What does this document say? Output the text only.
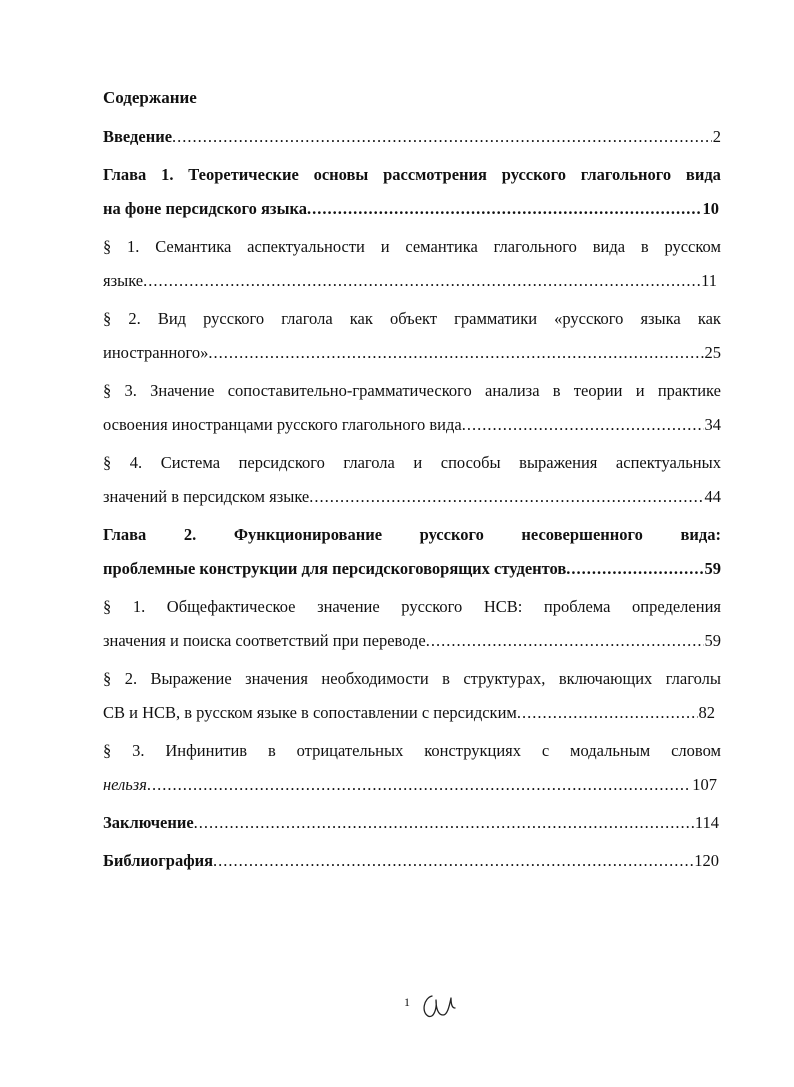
Содержание
Введение .....	2
Глава 1. Теоретические основы рассмотрения русского глагольного вида
на фоне персидского языка .....	10
§ 1. Семантика аспектуальности и семантика глагольного вида в русском
языке .....	11
§ 2. Вид русского глагола как объект грамматики «русского языка как
иностранного» .....	25
§ 3. Значение сопоставительно-грамматического анализа в теории и практике
освоения иностранцами русского глагольного вида .....	34
§ 4. Система персидского глагола и способы выражения аспектуальных
значений в персидском языке .....	44
Глава 2. Функционирование русского несовершенного вида:
проблемные конструкции для персидскоговорящих студентов .....	59
§ 1. Общефактическое значение русского НСВ: проблема определения
значения и поиска соответствий при переводе .....	59
§ 2. Выражение значения необходимости в структурах, включающих глаголы
СВ и НСВ, в русском языке в сопоставлении с персидским .....	82
§ 3. Инфинитив в отрицательных конструкциях с модальным словом
нельзя .....	107
Заключение .....	114
Библиография .....	120
1
